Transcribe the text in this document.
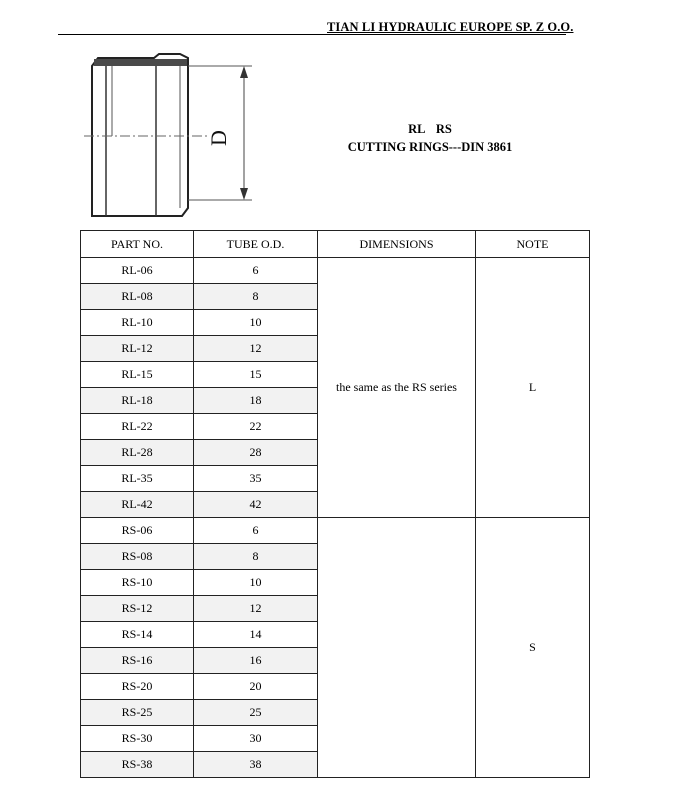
TIAN LI HYDRAULIC EUROPE SP. Z O.O.
D
RL RS
CUTTING RINGS---DIN 3861
PART NO.	TUBE O.D.	DIMENSIONS	NOTE
RL-06	6	the same as the RS series	L
RL-08	8		
RL-10	10		
RL-12	12		
RL-15	15		
RL-18	18		
RL-22	22		
RL-28	28		
RL-35	35		
RL-42	42		
RS-06	6		S
RS-08	8		
RS-10	10		
RS-12	12		
RS-14	14		
RS-16	16		
RS-20	20		
RS-25	25		
RS-30	30		
RS-38	38		
